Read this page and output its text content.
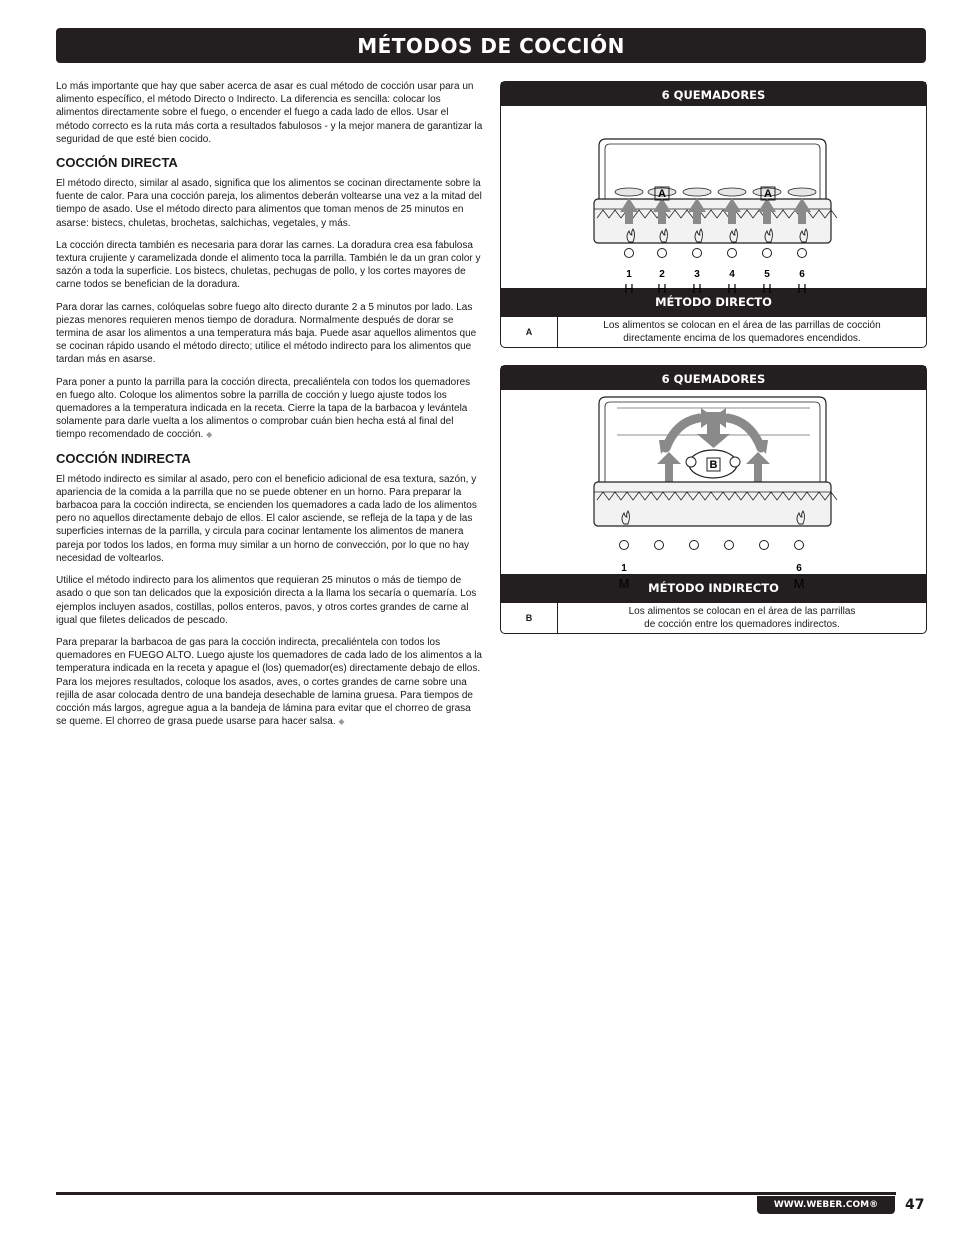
MÉTODOS DE COCCIÓN

Lo más importante que hay que saber acerca de asar es cual método de cocción usar para un alimento específico, el método Directo o Indirecto. La diferencia es sencilla: colocar los alimentos directamente sobre el fuego, o encender el fuego a cada lado de ellos. Usar el método correcto es la ruta más corta a resultados fabulosos - y la mejor manera de garantizar la seguridad de que esté bien cocido.

COCCIÓN DIRECTA

El método directo, similar al asado, significa que los alimentos se cocinan directamente sobre la fuente de calor. Para una cocción pareja, los alimentos deberán voltearse una vez a la mitad del tiempo de asado. Use el método directo para alimentos que toman menos de 25 minutos en asarse: bistecs, chuletas, brochetas, salchichas, vegetales, y más.

La cocción directa también es necesaria para dorar las carnes. La doradura crea esa fabulosa textura crujiente y caramelizada donde el alimento toca la parrilla. También le da un gran color y sazón a toda la superficie. Los bistecs, chuletas, pechugas de pollo, y los cortes mayores de carne todos se benefician de la doradura.

Para dorar las carnes, colóquelas sobre fuego alto directo durante 2 a 5 minutos por lado. Las piezas menores requieren menos tiempo de doradura. Normalmente después de dorar se termina de asar los alimentos a una temperatura más baja. Puede asar aquellos alimentos que se cocinan rápido usando el método directo; utilice el método indirecto para los alimentos que tardan más en asarse.

Para poner a punto la parrilla para la cocción directa, precaliéntela con todos los quemadores en fuego alto. Coloque los alimentos sobre la parrilla de cocción y luego ajuste todos los quemadores a la temperatura indicada en la receta. Cierre la tapa de la barbacoa y levántela solamente para darle vuelta a los alimentos o comprobar cuán bien hecha está al final del tiempo recomendado de cocción. ◆

COCCIÓN INDIRECTA

El método indirecto es similar al asado, pero con el beneficio adicional de esa textura, sazón, y apariencia de la comida a la parrilla que no se puede obtener en un horno. Para preparar la barbacoa para la cocción indirecta, se encienden los quemadores a cada lado de los alimentos pero no aquellos directamente debajo de ellos. El calor asciende, se refleja de la tapa y de las superficies internas de la parrilla, y circula para cocinar lentamente los alimentos de manera pareja por todos los lados, en forma muy similar a un horno de convección, por lo que no hay necesidad de voltearlos.

Utilice el método indirecto para los alimentos que requieran 25 minutos o más de tiempo de asado o que son tan delicados que la exposición directa a la llama los secaría o quemaría. Los ejemplos incluyen asados, costillas, pollos enteros, pavos, y otros cortes grandes de carne al igual que filetes delicados de pescado.

Para preparar la barbacoa de gas para la cocción indirecta, precaliéntela con todos los quemadores en FUEGO ALTO. Luego ajuste los quemadores de cada lado de los alimentos a la temperatura indicada en la receta y apague el (los) quemador(es) directamente debajo de ellos. Para los mejores resultados, coloque los asados, aves, o cortes grandes de carne sobre una rejilla de asar colocada dentro de una bandeja desechable de lamina gruesa. Para tiempos de cocción más largos, agregue agua a la bandeja de lámina para evitar que el chorreo de grasa se queme. El chorreo de grasa puede usarse para hacer salsa. ◆

6 QUEMADORES
1
H
2
H
3
H
4
H
5
H
6
H
A	A
MÉTODO DIRECTO
A
Los alimentos se colocan en el área de las parrillas de cocción
directamente encima de los quemadores encendidos.
6 QUEMADORES
B
1
M
6
M
MÉTODO INDIRECTO
B
Los alimentos se colocan en el área de las parrillas
de cocción entre los quemadores indirectos.
WWW.WEBER.COM®	47
